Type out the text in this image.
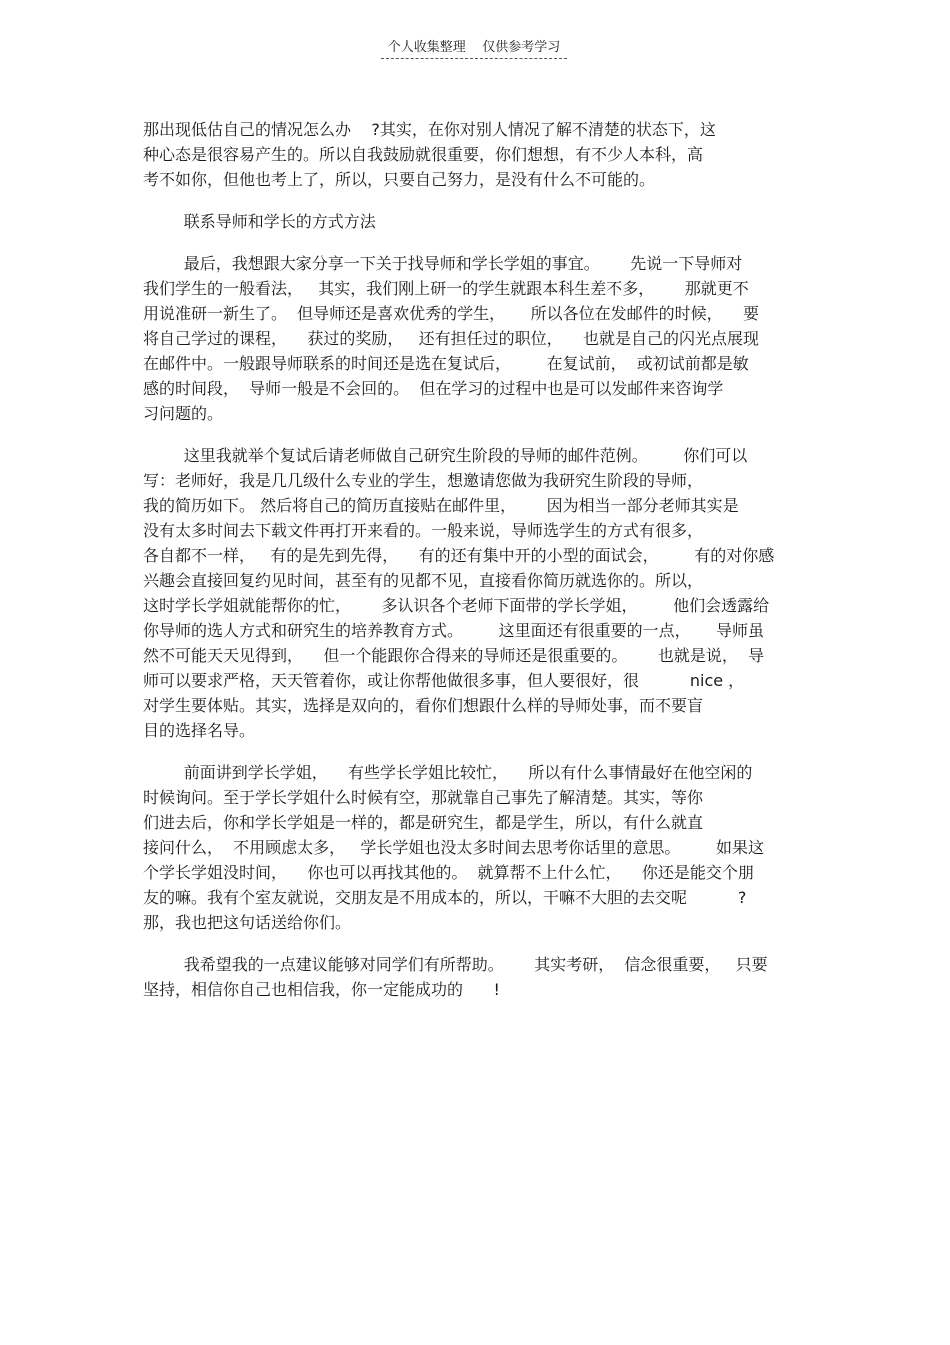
个人收集整理    仅供参考学习
那出现低估自己的情况怎么办    ?其实，在你对别人情况了解不清楚的状态下，这
种心态是很容易产生的。所以自我鼓励就很重要，你们想想，有不少人本科，高
考不如你，但他也考上了，所以，只要自己努力，是没有什么不可能的。
联系导师和学长的方式方法
最后，我想跟大家分享一下关于找导师和学长学姐的事宜。      先说一下导师对
我们学生的一般看法，   其实，我们刚上研一的学生就跟本科生差不多，      那就更不
用说准研一新生了。  但导师还是喜欢优秀的学生，     所以各位在发邮件的时候，    要
将自己学过的课程，    获过的奖励，   还有担任过的职位，    也就是自己的闪光点展现
在邮件中。一般跟导师联系的时间还是选在复试后，       在复试前，  或初试前都是敏
感的时间段，  导师一般是不会回的。  但在学习的过程中也是可以发邮件来咨询学
习问题的。
这里我就举个复试后请老师做自己研究生阶段的导师的邮件范例。       你们可以
写：老师好，我是几几级什么专业的学生，想邀请您做为我研究生阶段的导师，
我的简历如下。 然后将自己的简历直接贴在邮件里，      因为相当一部分老师其实是
没有太多时间去下载文件再打开来看的。一般来说，导师选学生的方式有很多，
各自都不一样，   有的是先到先得，    有的还有集中开的小型的面试会，       有的对你感
兴趣会直接回复约见时间，甚至有的见都不见，直接看你简历就选你的。所以，
这时学长学姐就能帮你的忙，      多认识各个老师下面带的学长学姐，       他们会透露给
你导师的选人方式和研究生的培养教育方式。       这里面还有很重要的一点，     导师虽
然不可能天天见得到，    但一个能跟你合得来的导师还是很重要的。      也就是说，  导
师可以要求严格，天天管着你，或让你帮他做很多事，但人要很好，很          nice ，
对学生要体贴。其实，选择是双向的，看你们想跟什么样的导师处事，而不要盲
目的选择名导。
前面讲到学长学姐，    有些学长学姐比较忙，    所以有什么事情最好在他空闲的
时候询问。至于学长学姐什么时候有空，那就靠自己事先了解清楚。其实，等你
们进去后，你和学长学姐是一样的，都是研究生，都是学生，所以，有什么就直
接问什么，  不用顾虑太多，   学长学姐也没太多时间去思考你话里的意思。       如果这
个学长学姐没时间，    你也可以再找其他的。  就算帮不上什么忙，    你还是能交个朋
友的嘛。我有个室友就说，交朋友是不用成本的，所以，干嘛不大胆的去交呢          ?
那，我也把这句话送给你们。
我希望我的一点建议能够对同学们有所帮助。      其实考研，  信念很重要，   只要
坚持，相信你自己也相信我，你一定能成功的      !
